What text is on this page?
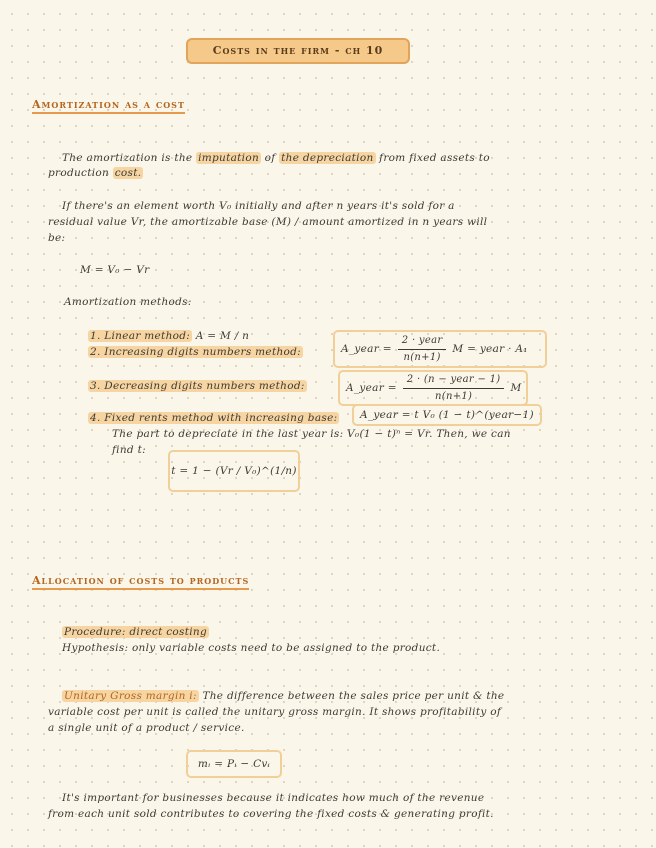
Costs in the firm - ch 10
Amortization as a cost
The amortization is the imputation of the depreciation from fixed assets to
production cost.
If there's an element worth V₀ initially and after n years it's sold for a
residual value Vr, the amortizable base (M) / amount amortized in n years will
be:
M = V₀ − Vr
Amortization methods:
1. Linear method: A = M / n
2. Increasing digits numbers method:	A_year = $\frac{\text{2 · year}}{n(n+1)}$ M = year · A₁
3. Decreasing digits numbers method:	A_year = $\frac{\text{2 · (n − year − 1)}}{n(n+1)}$ M
4. Fixed rents method with increasing base:	A_year = t V₀ (1 − t)^(year−1)
The part to depreciate in the last year is: V₀(1 − t)ⁿ = Vr. Then, we can
find t:
t = 1 − (Vr / V₀)^(1/n)
Allocation of costs to products
Procedure: direct costing
Hypothesis: only variable costs need to be assigned to the product.
Unitary Gross margin i: The difference between the sales price per unit & the
variable cost per unit is called the unitary gross margin. It shows profitability of
a single unit of a product / service.
mᵢ = Pᵢ − Cvᵢ
It's important for businesses because it indicates how much of the revenue
from each unit sold contributes to covering the fixed costs & generating profit.
